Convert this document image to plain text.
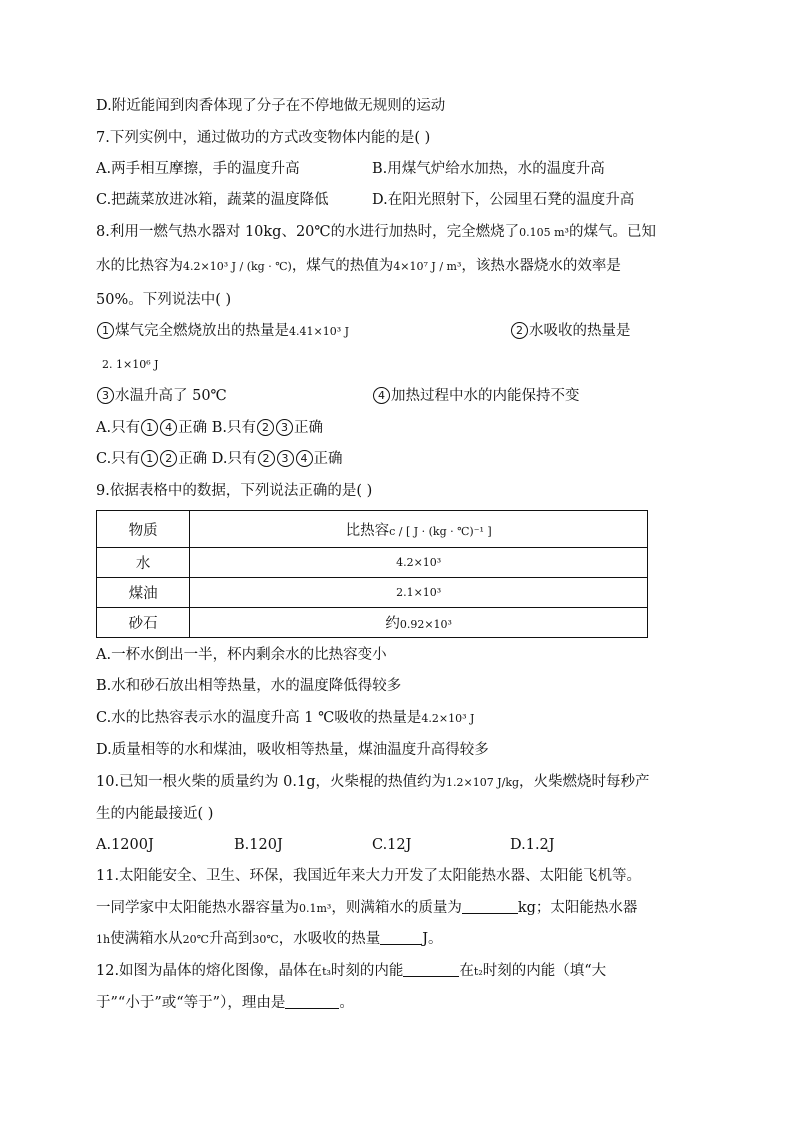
D.附近能闻到肉香体现了分子在不停地做无规则的运动
7.下列实例中，通过做功的方式改变物体内能的是( )
A.两手相互摩擦，手的温度升高	B.用煤气炉给水加热，水的温度升高
C.把蔬菜放进冰箱，蔬菜的温度降低	D.在阳光照射下，公园里石凳的温度升高
8.利用一燃气热水器对 10kg、20℃的水进行加热时，完全燃烧了0.105 m³的煤气。已知
水的比热容为4.2×10³ J / (kg · ℃)，煤气的热值为4×10⁷ J / m³，该热水器烧水的效率是
50%。下列说法中( )
1 煤气完全燃烧放出的热量是4.41×10³ J	2 水吸收的热量是
2. 1×10⁶ J
3 水温升高了 50℃	4 加热过程中水的内能保持不变
A.只有 1 4 正确 B.只有 2 3 正确
C.只有 1 2 正确 D.只有 2 3 4 正确
9.依据表格中的数据，下列说法正确的是( )
物质	比热容c / [ J · (kg · ℃)⁻¹ ]
水	4.2×10³
煤油	2.1×10³
砂石	约0.92×10³
A.一杯水倒出一半，杯内剩余水的比热容变小
B.水和砂石放出相等热量，水的温度降低得较多
C.水的比热容表示水的温度升高 1 ℃吸收的热量是4.2×10³ J
D.质量相等的水和煤油，吸收相等热量，煤油温度升高得较多
10.已知一根火柴的质量约为 0.1g，火柴棍的热值约为1.2×107 J/kg，火柴燃烧时每秒产
生的内能最接近( )
A.1200J	B.120J	C.12J	D.1.2J
11.太阳能安全、卫生、环保，我国近年来大力开发了太阳能热水器、太阳能飞机等。
一同学家中太阳能热水器容量为0.1m³，则满箱水的质量为	kg；太阳能热水器
1h使满箱水从20℃升高到30℃，水吸收的热量	J。
12.如图为晶体的熔化图像，晶体在t₃时刻的内能	在t₂时刻的内能（填“大
于”“小于”或“等于”），理由是	。
